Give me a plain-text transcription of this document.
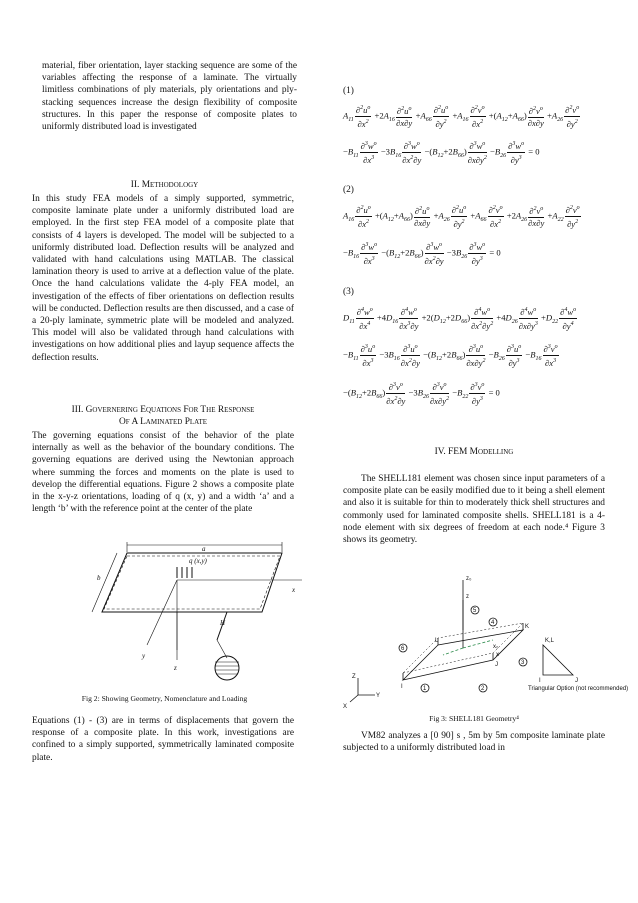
material, fiber orientation, layer stacking sequence are some of the variables affecting the response of a laminate. The virtually limitless combinations of ply materials, ply orientations and ply-stacking sequences increase the design flexibility of composite structures. In this paper the response of composite plates to uniformly distributed load is investigated

II. Methodology

In this study FEA models of a simply supported, symmetric, composite laminate plate under a uniformly distributed load are employed. In the first step FEA model of a composite plate that consists of 4 layers is developed. The model will be subjected to a uniformly distributed load. Deflection results will be analyzed and validated with hand calculations using MATLAB. The classical lamination theory is used to arrive at a deflection value of the plate. Once the hand calculations validate the 4-ply FEA model, an investigation of the effects of fiber orientations on deflection results will be conducted. Deflection results are then discussed, and a case of a 20-ply laminate, symmetric plate will be modeled and analyzed. This model will also be validated through hand calculations with investigations on how additional plies and layup sequence affects the deflection results.

III. Governering Equations For The Response

Of A Laminated Plate

The governing equations consist of the behavior of the plate internally as well as the behavior of the boundary conditions. The governing equations are derived using the Newtonian approach where summing the forces and moments on the plate is used to develop the differential equations. Figure 2 shows a composite plate in the x-y-z orientations, loading of q (x, y) and a width ‘a’ and a length ‘b’ with the reference point at the center of the plate

a
b
q (x,y)
x
y
z
H

Fig 2: Showing Geometry, Nomenclature and Loading

Equations (1) - (3) are in terms of displacements that govern the response of a composite plate. In this work, investigations are confined to a simply supported, symmetrically laminated composite plate.

(1)
(2)
(3)
$A_{11} \frac{\partial^2u^o}{\partial x^2} +2A_{16} \frac{\partial^2u^o}{\partial x\partial y} +A_{66} \frac{\partial^2u^o}{\partial y^2} +A_{16} \frac{\partial^2v^o}{\partial x^2} +(A_{12}+A_{66}) \frac{\partial^2v^o}{\partial x\partial y} +A_{26} \frac{\partial^2v^o}{\partial y^2}$
$-B_{11} \frac{\partial^3w^o}{\partial x^3} -3B_{16} \frac{\partial^3w^o}{\partial x^2\partial y} -(B_{12}+2B_{66}) \frac{\partial^3w^o}{\partial x\partial y^2} -B_{26} \frac{\partial^3w^o}{\partial y^3} = 0$
$A_{16} \frac{\partial^2u^o}{\partial x^2} +(A_{12}+A_{66}) \frac{\partial^2u^o}{\partial x\partial y} +A_{26} \frac{\partial^2u^o}{\partial y^2} +A_{66} \frac{\partial^2v^o}{\partial x^2} +2A_{26} \frac{\partial^2v^o}{\partial x\partial y} +A_{22} \frac{\partial^2v^o}{\partial y^2}$
$-B_{16} \frac{\partial^3w^o}{\partial x^3} -(B_{12}+2B_{66}) \frac{\partial^3w^o}{\partial x^2\partial y} -3B_{26} \frac{\partial^3w^o}{\partial y^3} = 0$
$D_{11} \frac{\partial^4w^o}{\partial x^4} +4D_{16} \frac{\partial^4w^o}{\partial x^3\partial y} +2(D_{12}+2D_{66}) \frac{\partial^4w^o}{\partial x^2\partial y^2} +4D_{26} \frac{\partial^4w^o}{\partial x\partial y^3} +D_{22} \frac{\partial^4w^o}{\partial y^4}$
$-B_{11} \frac{\partial^3u^o}{\partial x^3} -3B_{16} \frac{\partial^3u^o}{\partial x^2\partial y} -(B_{12}+2B_{66}) \frac{\partial^3u^o}{\partial x\partial y^2} -B_{26} \frac{\partial^3u^o}{\partial y^3} -B_{16} \frac{\partial^3v^o}{\partial x^3}$
$-(B_{12}+2B_{66}) \frac{\partial^3v^o}{\partial x^2\partial y} -3B_{26} \frac{\partial^3v^o}{\partial x\partial y^2} -B_{22} \frac{\partial^3v^o}{\partial y^3} = 0$

IV. FEM Modelling

The SHELL181 element was chosen since input parameters of a composite plate can be easily modified due to it being a shell element and also it is suitable for thin to moderately thick shell structures and commonly used for laminated composite shells. SHELL181 is a 4-node element with six degrees of freedom at each node.⁴ Figure 3 shows its geometry.

z₀
z
x₀
x
Y
Z
X
I
J
K
L	K,L
I	J
1	2
3
4
5
6
Triangular Option (not recommended)

Fig 3: SHELL181 Geometry⁴

VM82 analyzes a [0 90] s , 5m by 5m composite laminate plate subjected to a uniformly distributed load in
